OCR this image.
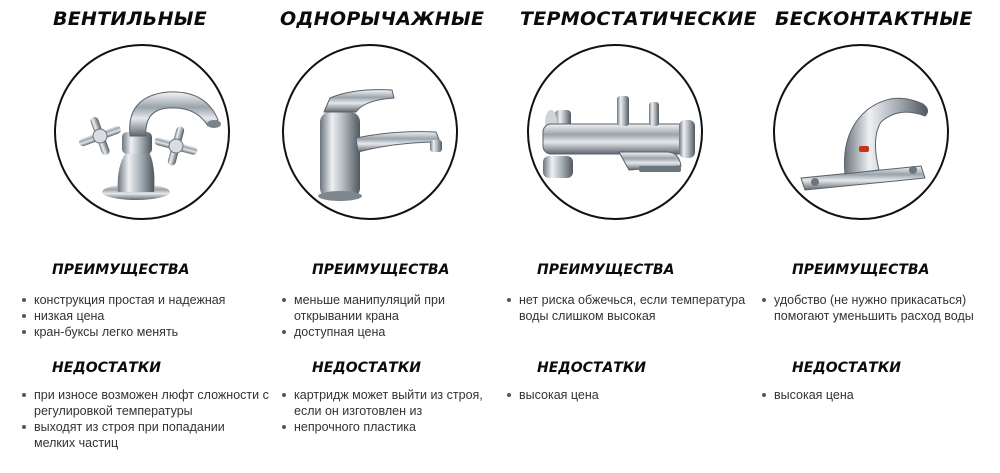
ВЕНТИЛЬНЫЕ
ПРЕИМУЩЕСТВА
конструкция простая и надежная
низкая цена
кран-буксы легко менять
НЕДОСТАТКИ
при износе возможен люфт сложности с регулировкой температуры
выходят из строя при попадании мелких частиц
ОДНОРЫЧАЖНЫЕ
ПРЕИМУЩЕСТВА
меньше манипуляций при открывании крана
доступная цена
НЕДОСТАТКИ
картридж может выйти из строя, если он изготовлен из
непрочного пластика
ТЕРМОСТАТИЧЕСКИЕ
ПРЕИМУЩЕСТВА
нет риска обжечься, если температура воды слишком высокая
НЕДОСТАТКИ
высокая цена
БЕСКОНТАКТНЫЕ
ПРЕИМУЩЕСТВА
удобство (не нужно прикасаться) помогают уменьшить расход воды
НЕДОСТАТКИ
высокая цена
